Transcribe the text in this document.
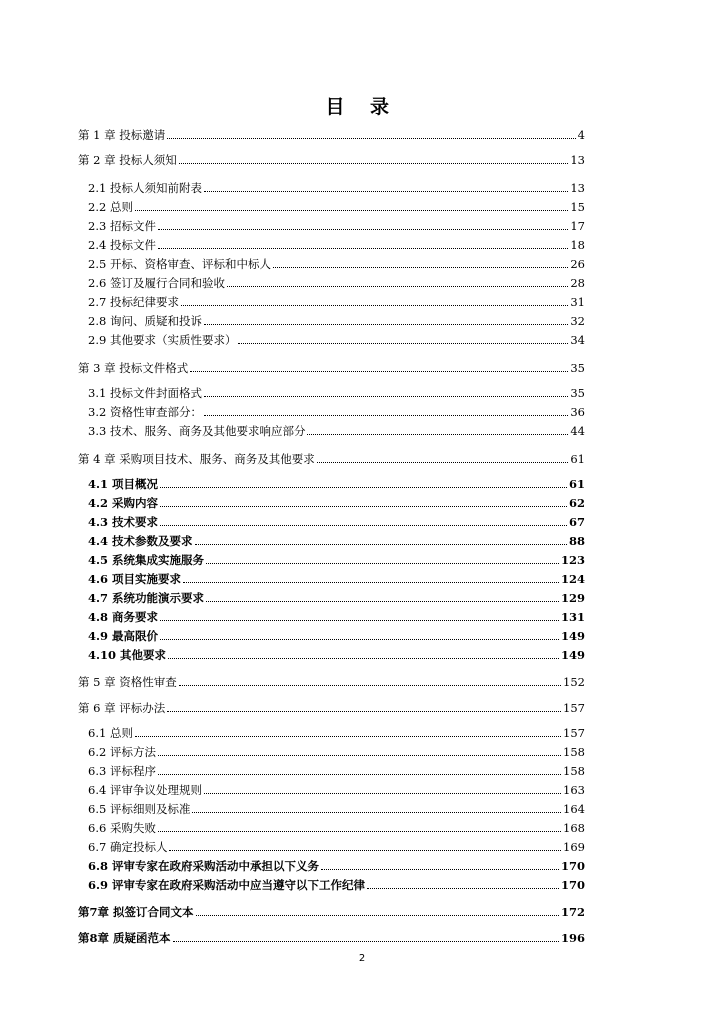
目 录
第 1 章 投标邀请	4
第 2 章 投标人须知	13
2.1 投标人须知前附表	13
2.2 总则	15
2.3 招标文件	17
2.4 投标文件	18
2.5 开标、资格审查、评标和中标人	26
2.6 签订及履行合同和验收	28
2.7 投标纪律要求	31
2.8 询问、质疑和投诉	32
2.9 其他要求（实质性要求）	34
第 3 章 投标文件格式	35
3.1 投标文件封面格式	35
3.2 资格性审查部分：	36
3.3 技术、服务、商务及其他要求响应部分	44
第 4 章 采购项目技术、服务、商务及其他要求	61
4.1 项目概况	61
4.2 采购内容	62
4.3 技术要求	67
4.4 技术参数及要求	88
4.5 系统集成实施服务	123
4.6 项目实施要求	124
4.7 系统功能演示要求	129
4.8 商务要求	131
4.9 最高限价	149
4.10 其他要求	149
第 5 章 资格性审查	152
第 6 章 评标办法	157
6.1 总则	157
6.2 评标方法	158
6.3 评标程序	158
6.4 评审争议处理规则	163
6.5 评标细则及标准	164
6.6 采购失败	168
6.7 确定投标人	169
6.8 评审专家在政府采购活动中承担以下义务	170
6.9 评审专家在政府采购活动中应当遵守以下工作纪律	170
第7章 拟签订合同文本	172
第8章 质疑函范本	196
2
